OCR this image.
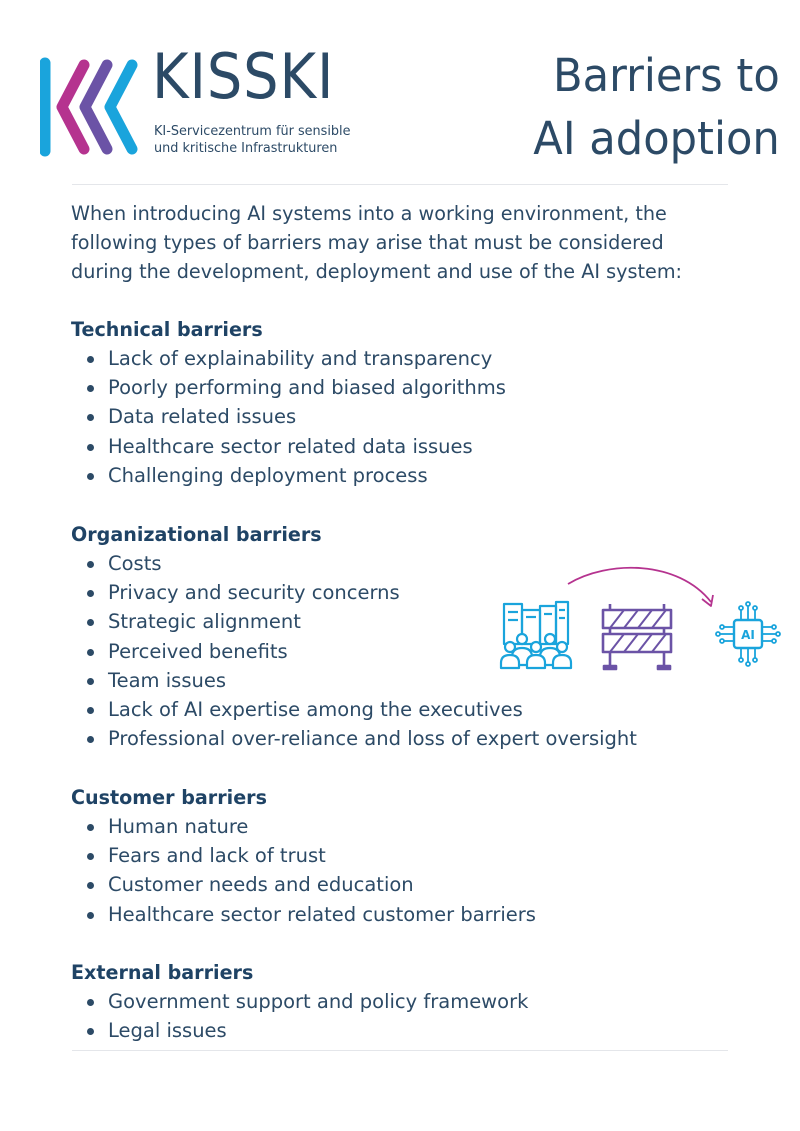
KISSKI
KI-Servicezentrum für sensible
und kritische Infrastrukturen
Barriers to
AI adoption
When introducing AI systems into a working environment, the
following types of barriers may arise that must be considered
during the development, deployment and use of the AI system:
Technical barriers
Lack of explainability and transparency
Poorly performing and biased algorithms
Data related issues
Healthcare sector related data issues
Challenging deployment process
Organizational barriers
Costs
Privacy and security concerns
Strategic alignment
Perceived benefits
Team issues
Lack of AI expertise among the executives
Professional over-reliance and loss of expert oversight
Customer barriers
Human nature
Fears and lack of trust
Customer needs and education
Healthcare sector related customer barriers
External barriers
Government support and policy framework
Legal issues
AI
